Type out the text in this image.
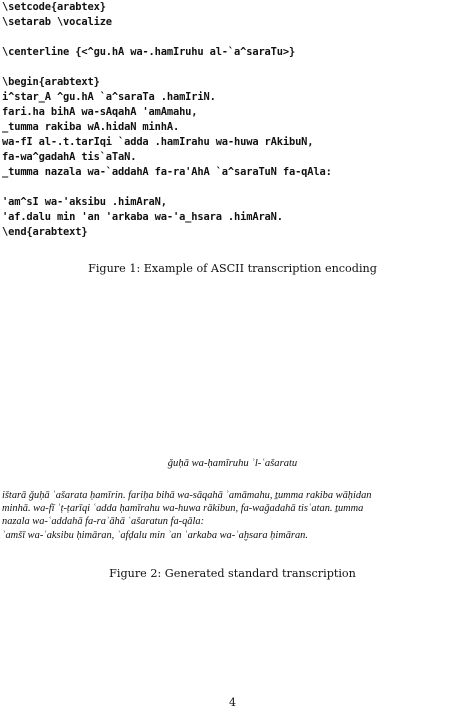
\setcode{arabtex}
\setarab \vocalize

\centerline {<^gu.hA wa-.hamIruhu al-`a^saraTu>}

\begin{arabtext}
i^star_A ^gu.hA `a^saraTa .hamIriN.
fari.ha bihA wa-sAqahA 'amAmahu,
_tumma rakiba wA.hidaN minhA.
wa-fI al-.t.tarIqi `adda .hamIrahu wa-huwa rAkibuN,
fa-wa^gadahA tis`aTaN.
_tumma nazala wa-`addahA fa-ra'AhA `a^saraTuN fa-qAla:

'am^sI wa-'aksibu .himAraN,
'af.dalu min 'an 'arkaba wa-'a_hsara .himAraN.
\end{arabtext}
Figure 1: Example of ASCII transcription encoding
ǧuḥā wa-ḥamīruhu ʾl-ʿašaratu
ištarā ǧuḥā ʿašarata ḥamīrin. fariḥa bihā wa-sāqahā ʾamāmahu, ṯumma rakiba wāḥidan
minhā. wa-fī ʾṭ-ṭarīqi ʿadda ḥamīrahu wa-huwa rākibun, fa-waǧadahā tisʿatan. ṯumma
nazala wa-ʿaddahā fa-raʾāhā ʿašaratun fa-qāla:
ʾamšī wa-ʾaksibu ḥimāran, ʾafḍalu min ʾan ʾarkaba wa-ʾaḫsara ḥimāran.
Figure 2: Generated standard transcription
4
